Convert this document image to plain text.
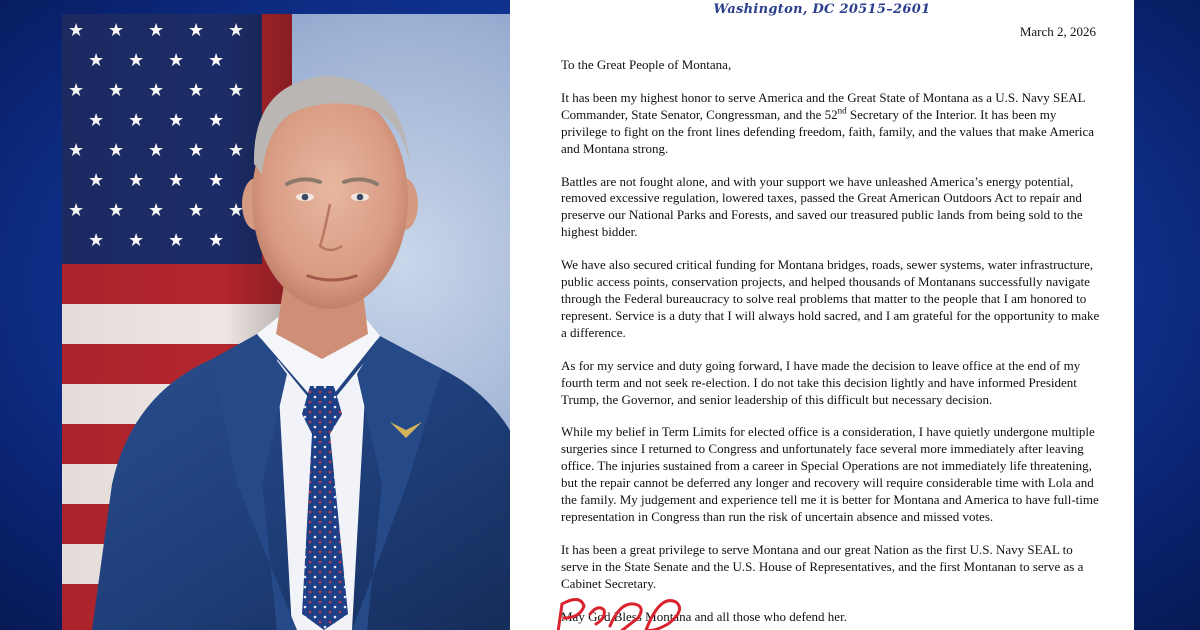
Washington, DC 20515–2601
March 2, 2026

To the Great People of Montana,

It has been my highest honor to serve America and the Great State of Montana as a U.S. Navy SEAL Commander, State Senator, Congressman, and the 52nd Secretary of the Interior. It has been my privilege to fight on the front lines defending freedom, faith, family, and the values that make America and Montana strong.

Battles are not fought alone, and with your support we have unleashed America’s energy potential, removed excessive regulation, lowered taxes, passed the Great American Outdoors Act to repair and preserve our National Parks and Forests, and saved our treasured public lands from being sold to the highest bidder.

We have also secured critical funding for Montana bridges, roads, sewer systems, water infrastructure, public access points, conservation projects, and helped thousands of Montanans successfully navigate through the Federal bureaucracy to solve real problems that matter to the people that I am honored to represent. Service is a duty that I will always hold sacred, and I am grateful for the opportunity to make a difference.

As for my service and duty going forward, I have made the decision to leave office at the end of my fourth term and not seek re-election. I do not take this decision lightly and have informed President Trump, the Governor, and senior leadership of this difficult but necessary decision.

While my belief in Term Limits for elected office is a consideration, I have quietly undergone multiple surgeries since I returned to Congress and unfortunately face several more immediately after leaving office. The injuries sustained from a career in Special Operations are not immediately life threatening, but the repair cannot be deferred any longer and recovery will require considerable time with Lola and the family. My judgement and experience tell me it is better for Montana and America to have full-time representation in Congress than run the risk of uncertain absence and missed votes.

It has been a great privilege to serve Montana and our great Nation as the first U.S. Navy SEAL to serve in the State Senate and the U.S. House of Representatives, and the first Montanan to serve as a Cabinet Secretary.

May God Bless Montana and all those who defend her.
